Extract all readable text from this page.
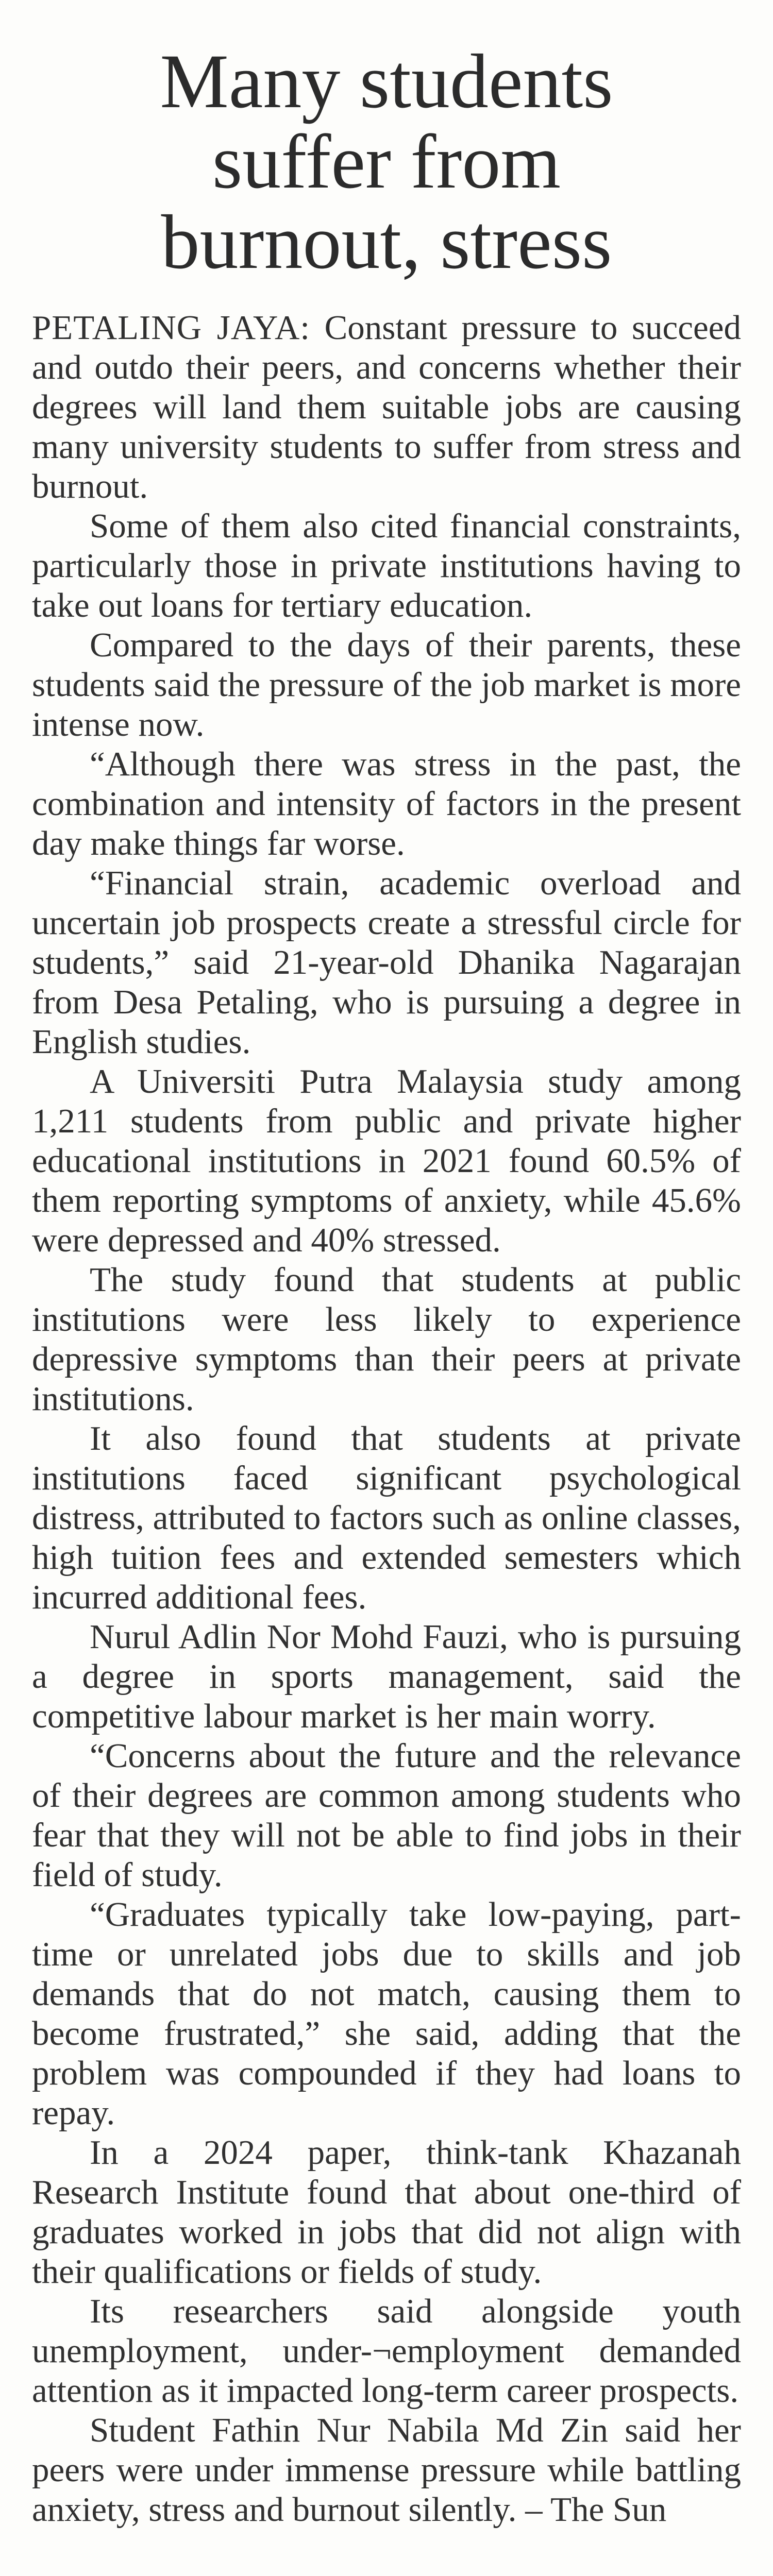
Many students
suffer from
burnout, stress

PETALING JAYA: Constant pressure to succeed and outdo their peers, and concerns whether their degrees will land them suitable jobs are causing many university students to suffer from stress and burnout.

Some of them also cited financial constraints, particularly those in private institutions having to take out loans for tertiary education.

Compared to the days of their parents, these students said the pressure of the job market is more intense now.

“Although there was stress in the past, the combination and intensity of factors in the present day make things far worse.

“Financial strain, academic overload and uncertain job prospects create a stressful circle for students,” said 21-year-old Dhanika Nagarajan from Desa Petaling, who is pursuing a degree in English studies.

A Universiti Putra Malaysia study among 1,211 students from public and private higher educational institutions in 2021 found 60.5% of them reporting symptoms of anxiety, while 45.6% were depressed and 40% stressed.

The study found that students at public institutions were less likely to experience depressive symptoms than their peers at private institutions.

It also found that students at private institutions faced significant psychological distress, attributed to factors such as online classes, high tuition fees and extended semesters which incurred additional fees.

Nurul Adlin Nor Mohd Fauzi, who is pursuing a degree in sports management, said the competitive labour market is her main worry.

“Concerns about the future and the relevance of their degrees are common among students who fear that they will not be able to find jobs in their field of study.

“Graduates typically take low-paying, part-time or unrelated jobs due to skills and job demands that do not match, causing them to become frustrated,” she said, adding that the problem was compounded if they had loans to repay.

In a 2024 paper, think-tank Khazanah Research Institute found that about one-third of graduates worked in jobs that did not align with their qualifications or fields of study.

Its researchers said alongside youth unemployment, under-¬employment demanded attention as it impacted long-term career prospects.

Student Fathin Nur Nabila Md Zin said her peers were under immense pressure while battling anxiety, stress and burnout silently. – The Sun
